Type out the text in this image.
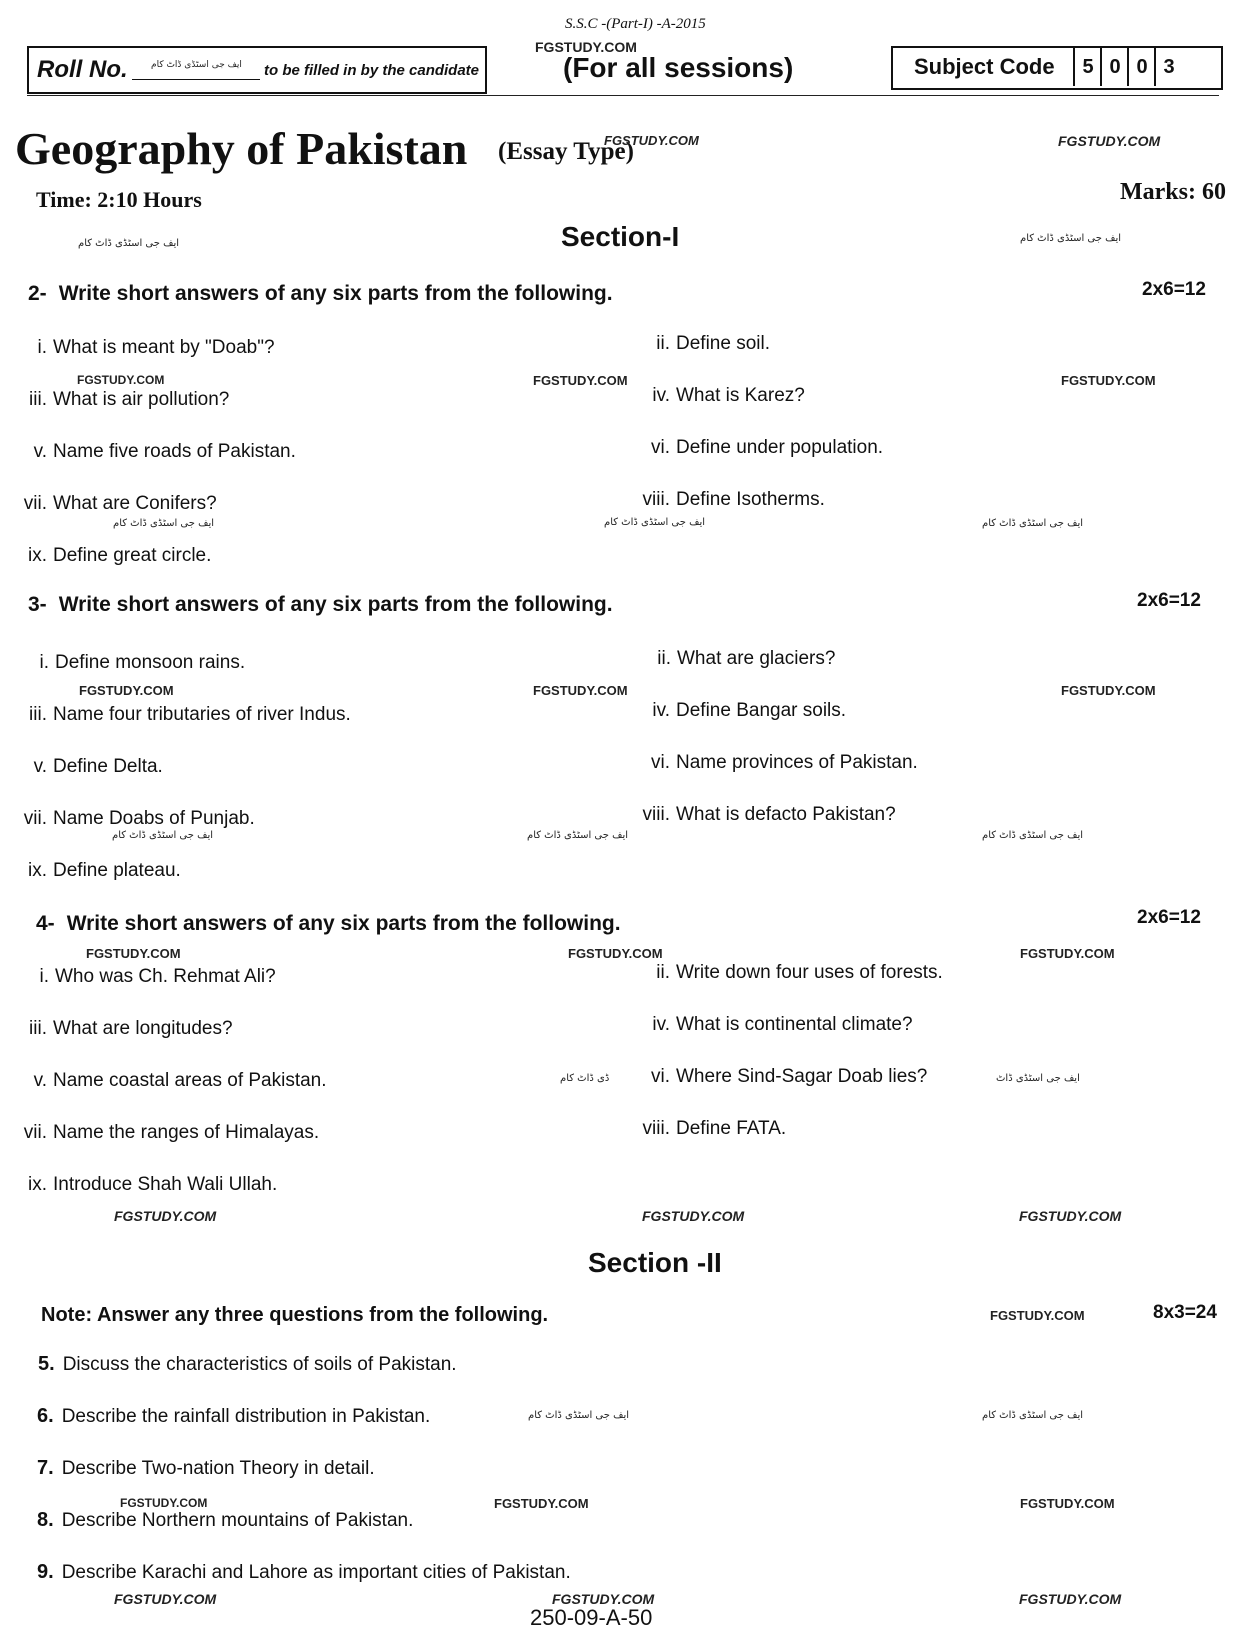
S.S.C -(Part-I) -A-2015
FGSTUDY.COM
(For all sessions)
Roll No.	ایف جی اسٹڈی ڈاٹ کام to be filled in by the candidate	Subject Code	5 0 0 3
Geography of Pakistan (Essay Type)
FGSTUDY.COM	FGSTUDY.COM
Time: 2:10 Hours	Marks: 60
Section-I
ایف جی اسٹڈی ڈاٹ کام	ایف جی اسٹڈی ڈاٹ کام
2- Write short answers of any six parts from the following.	2x6=12
i. What is meant by "Doab"?	ii. Define soil.
FGSTUDY.COM	FGSTUDY.COM	FGSTUDY.COM
iii. What is air pollution?	iv. What is Karez?
v. Name five roads of Pakistan.	vi. Define under population.
vii. What are Conifers?	viii. Define Isotherms.
ایف جی اسٹڈی ڈاٹ کام	ایف جی اسٹڈی ڈاٹ کام	ایف جی اسٹڈی ڈاٹ کام
ix. Define great circle.
3- Write short answers of any six parts from the following.	2x6=12
i. Define monsoon rains.	ii. What are glaciers?
FGSTUDY.COM	FGSTUDY.COM	FGSTUDY.COM
iii. Name four tributaries of river Indus.	iv. Define Bangar soils.
v. Define Delta.	vi. Name provinces of Pakistan.
vii. Name Doabs of Punjab.	viii. What is defacto Pakistan?
ایف جی اسٹڈی ڈاٹ کام	ایف جی اسٹڈی ڈاٹ کام	ایف جی اسٹڈی ڈاٹ کام
ix. Define plateau.
4- Write short answers of any six parts from the following.	2x6=12
FGSTUDY.COM	FGSTUDY.COM	FGSTUDY.COM
i. Who was Ch. Rehmat Ali?	ii. Write down four uses of forests.
iii. What are longitudes?	iv. What is continental climate?
v. Name coastal areas of Pakistan.	ڈی ڈاٹ کام	vi. Where Sind-Sagar Doab lies?	ایف جی اسٹڈی ڈاٹ
vii. Name the ranges of Himalayas.	viii. Define FATA.
ix. Introduce Shah Wali Ullah.
FGSTUDY.COM	FGSTUDY.COM	FGSTUDY.COM
Section -II
Note: Answer any three questions from the following.	FGSTUDY.COM	8x3=24
5. Discuss the characteristics of soils of Pakistan.
6. Describe the rainfall distribution in Pakistan.	ایف جی اسٹڈی ڈاٹ کام	ایف جی اسٹڈی ڈاٹ کام
7. Describe Two-nation Theory in detail.
FGSTUDY.COM	FGSTUDY.COM	FGSTUDY.COM
8. Describe Northern mountains of Pakistan.
9. Describe Karachi and Lahore as important cities of Pakistan.
FGSTUDY.COM	FGSTUDY.COM	FGSTUDY.COM
250-09-A-50
